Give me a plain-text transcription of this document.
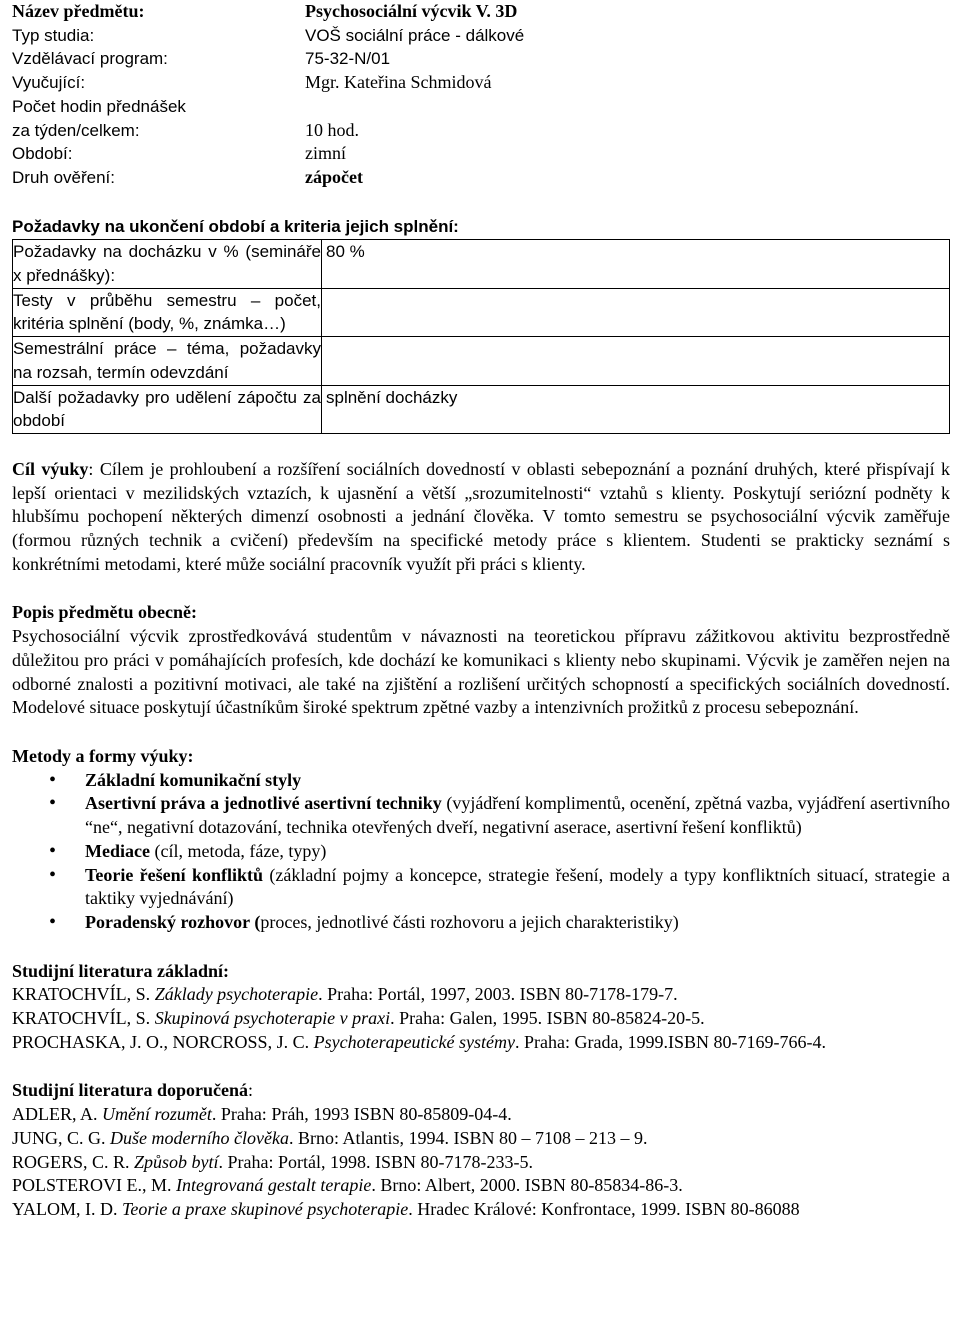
Název předmětu:	Psychosociální výcvik V. 3D
Typ studia:	VOŠ sociální práce - dálkové
Vzdělávací program:	75-32-N/01
Vyučující:	Mgr. Kateřina Schmidová
Počet hodin přednášek
za týden/celkem:	10 hod.
Období:	zimní
Druh ověření:	zápočet
Požadavky na ukončení období a kriteria jejich splnění:
Požadavky na docházku v % (semináře x přednášky):	80 %
Testy v průběhu semestru – počet, kritéria splnění (body, %, známka…)	
Semestrální práce – téma, požadavky na rozsah, termín odevzdání	
Další požadavky pro udělení zápočtu za období	splnění docházky

Cíl výuky: Cílem je prohloubení a rozšíření sociálních dovedností v oblasti sebepoznání a poznání druhých, které přispívají k lepší orientaci v mezilidských vztazích, k ujasnění a větší „srozumitelnosti“ vztahů s klienty. Poskytují seriózní podněty k hlubšímu pochopení některých dimenzí osobnosti a jednání člověka. V tomto semestru se psychosociální výcvik zaměřuje (formou různých technik a cvičení) především na specifické metody práce s klientem. Studenti se prakticky seznámí s konkrétními metodami, které může sociální pracovník využít při práci s klienty.

Popis předmětu obecně:

Psychosociální výcvik zprostředkovává studentům v návaznosti na teoretickou přípravu zážitkovou aktivitu bezprostředně důležitou pro práci v pomáhajících profesích, kde dochází ke komunikaci s klienty nebo skupinami. Výcvik je zaměřen nejen na odborné znalosti a pozitivní motivaci, ale také na zjištění a rozlišení určitých schopností a specifických sociálních dovedností. Modelové situace poskytují účastníkům široké spektrum zpětné vazby a intenzivních prožitků z procesu sebepoznání.

Metody a formy výuky:
• Základní komunikační styly
• Asertivní práva a jednotlivé asertivní techniky (vyjádření komplimentů, ocenění, zpětná vazba, vyjádření asertivního “ne“, negativní dotazování, technika otevřených dveří, negativní aserace, asertivní řešení konfliktů)
• Mediace (cíl, metoda, fáze, typy)
• Teorie řešení konfliktů (základní pojmy a koncepce, strategie řešení, modely a typy konfliktních situací, strategie a taktiky vyjednávání)
• Poradenský rozhovor (proces, jednotlivé části rozhovoru a jejich charakteristiky)
Studijní literatura základní:
KRATOCHVÍL, S. Základy psychoterapie. Praha: Portál, 1997, 2003. ISBN 80-7178-179-7.
KRATOCHVÍL, S. Skupinová psychoterapie v praxi. Praha: Galen, 1995. ISBN 80-85824-20-5.
PROCHASKA, J. O., NORCROSS, J. C. Psychoterapeutické systémy. Praha: Grada, 1999.ISBN 80-7169-766-4.
Studijní literatura doporučená:
ADLER, A. Umění rozumět. Praha: Práh, 1993 ISBN 80-85809-04-4.
JUNG, C. G. Duše moderního člověka. Brno: Atlantis, 1994. ISBN 80 – 7108 – 213 – 9.
ROGERS, C. R. Způsob bytí. Praha: Portál, 1998. ISBN 80-7178-233-5.
POLSTEROVI E., M. Integrovaná gestalt terapie. Brno: Albert, 2000. ISBN 80-85834-86-3.
YALOM, I. D. Teorie a praxe skupinové psychoterapie. Hradec Králové: Konfrontace, 1999. ISBN 80-86088
